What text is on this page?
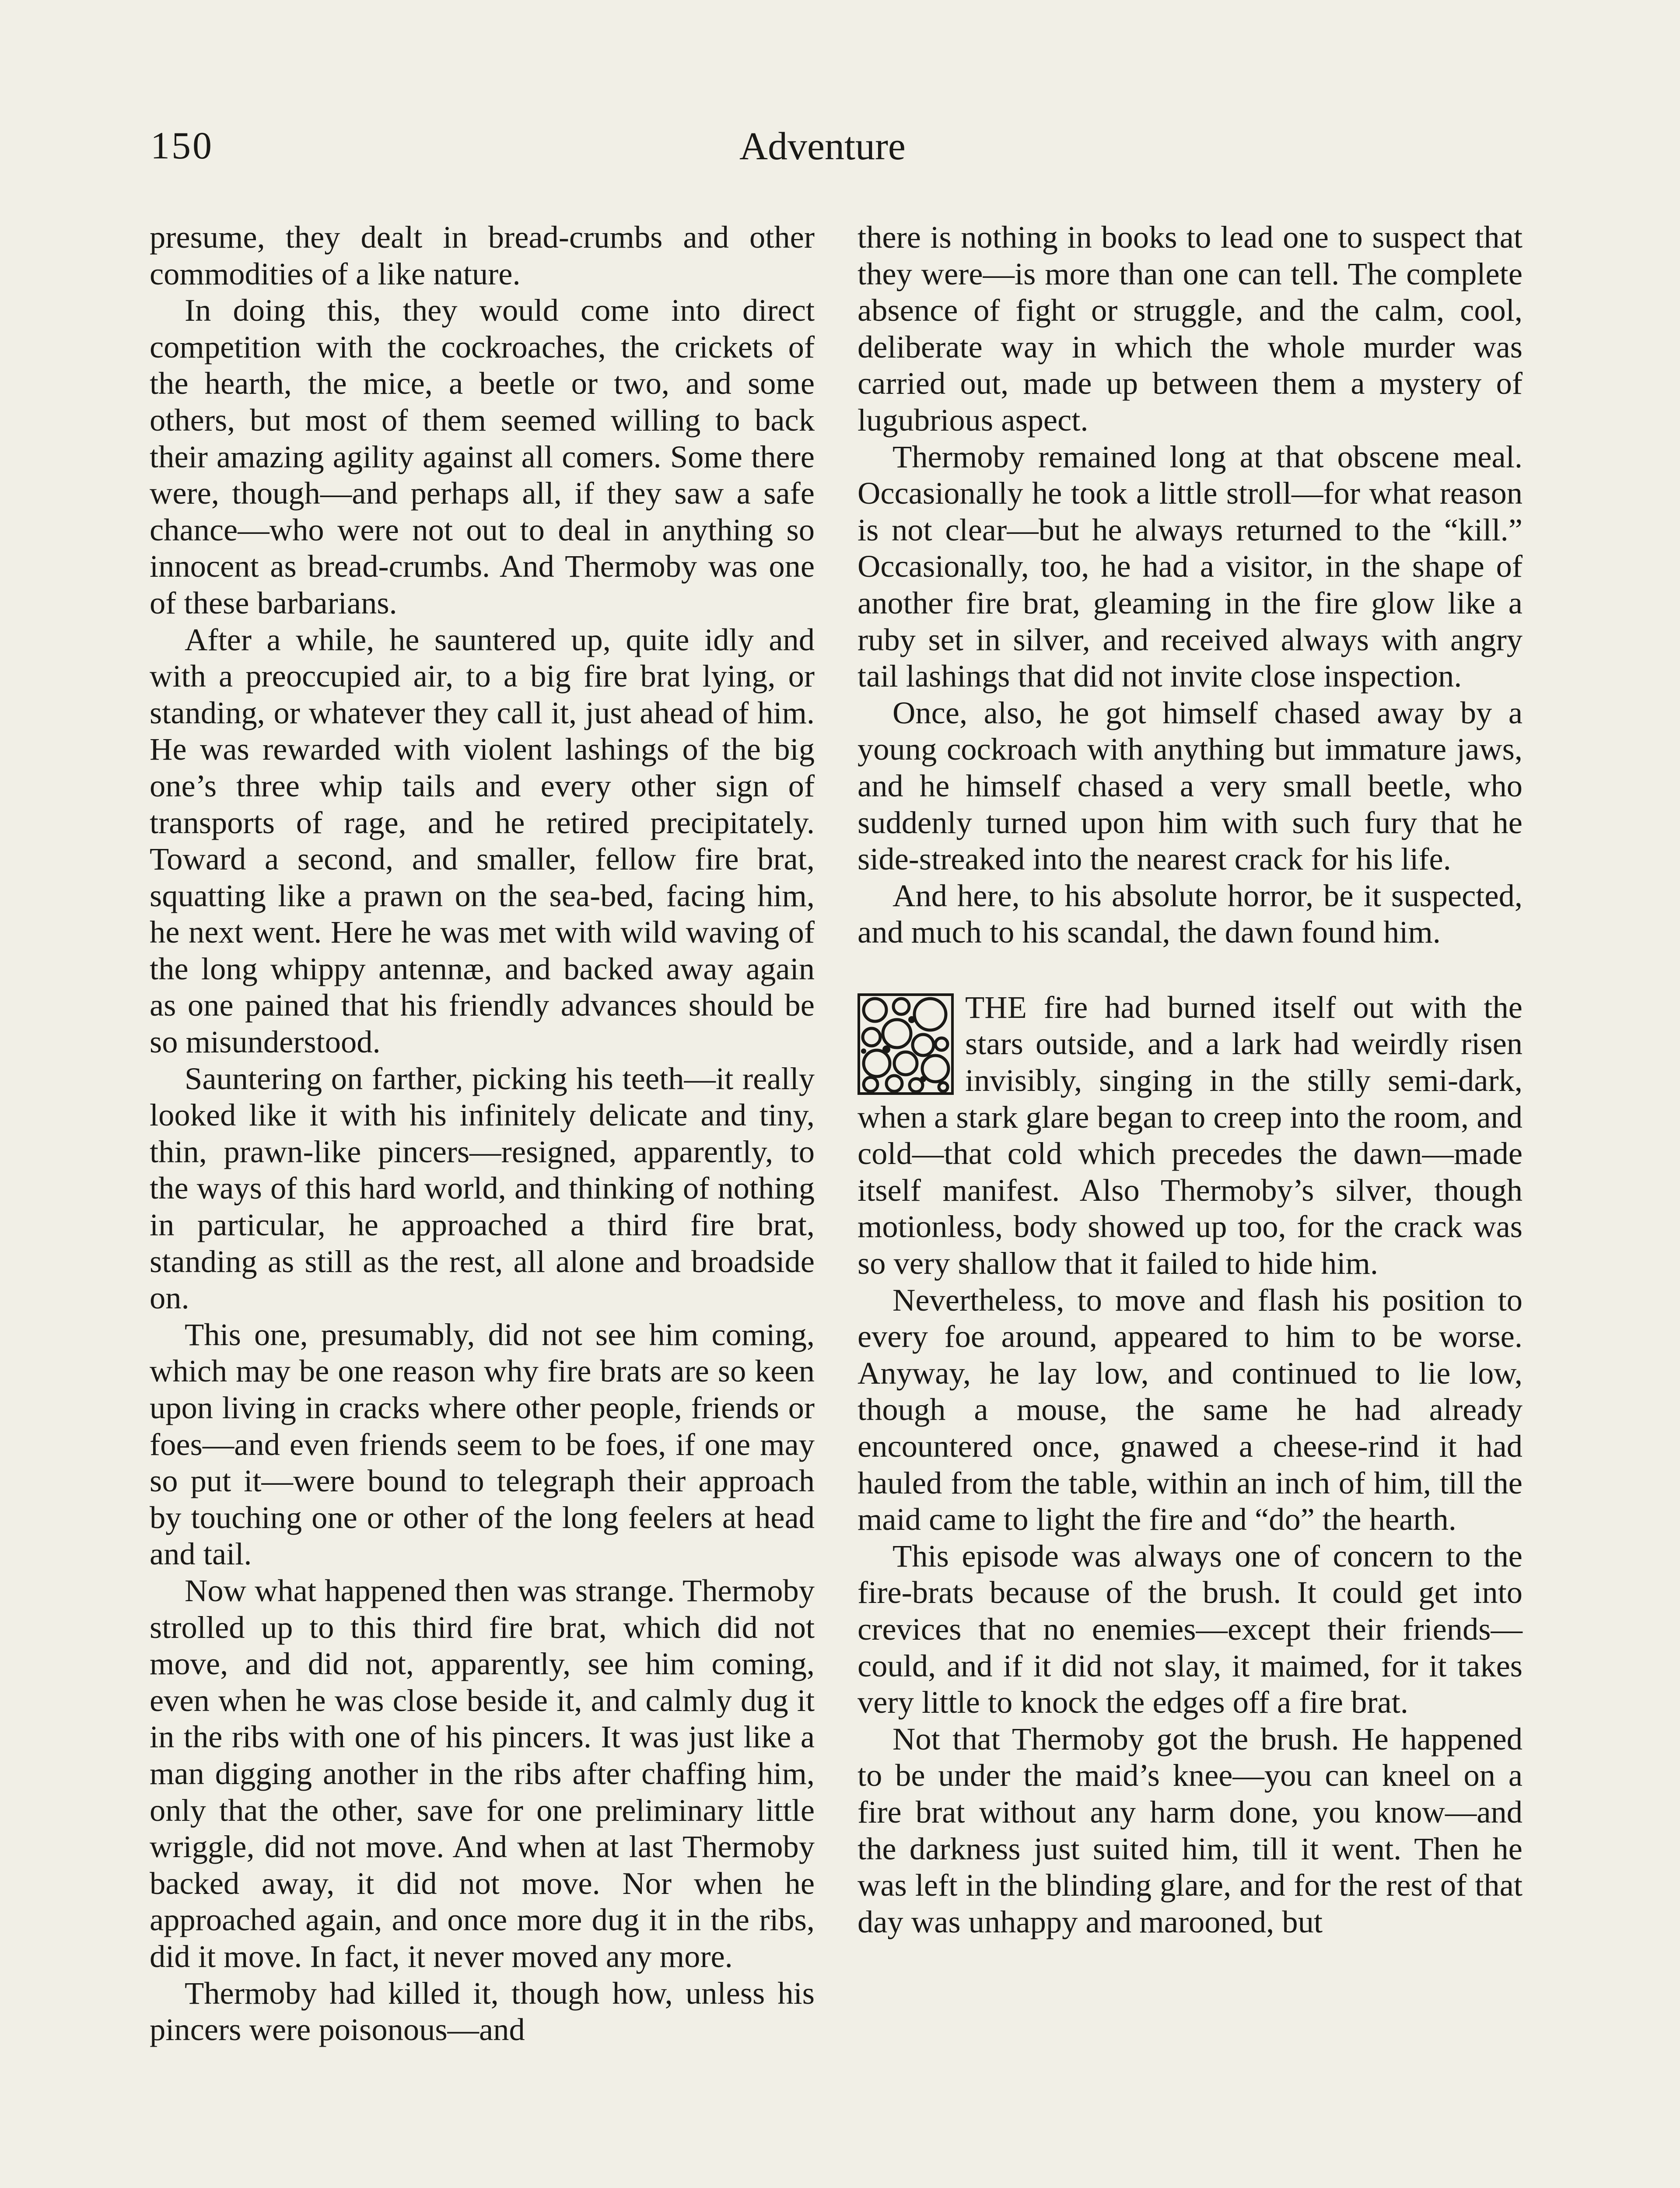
150	Adventure

presume, they dealt in bread-crumbs and other commodities of a like nature.

In doing this, they would come into direct competition with the cockroaches, the crickets of the hearth, the mice, a beetle or two, and some others, but most of them seemed willing to back their amazing agility against all comers. Some there were, though—and perhaps all, if they saw a safe chance—who were not out to deal in anything so innocent as bread-crumbs. And Thermoby was one of these barbarians.

After a while, he sauntered up, quite idly and with a preoccupied air, to a big fire brat lying, or standing, or whatever they call it, just ahead of him. He was rewarded with violent lashings of the big one’s three whip tails and every other sign of transports of rage, and he retired precipitately. Toward a second, and smaller, fellow fire brat, squatting like a prawn on the sea-bed, facing him, he next went. Here he was met with wild waving of the long whippy antennæ, and backed away again as one pained that his friendly advances should be so misunderstood.

Sauntering on farther, picking his teeth—it really looked like it with his infinitely delicate and tiny, thin, prawn-like pincers—resigned, apparently, to the ways of this hard world, and thinking of nothing in particular, he approached a third fire brat, standing as still as the rest, all alone and broadside on.

This one, presumably, did not see him coming, which may be one reason why fire brats are so keen upon living in cracks where other people, friends or foes—and even friends seem to be foes, if one may so put it—were bound to telegraph their approach by touching one or other of the long feelers at head and tail.

Now what happened then was strange. Thermoby strolled up to this third fire brat, which did not move, and did not, apparently, see him coming, even when he was close beside it, and calmly dug it in the ribs with one of his pincers. It was just like a man digging another in the ribs after chaffing him, only that the other, save for one preliminary little wriggle, did not move. And when at last Thermoby backed away, it did not move. Nor when he approached again, and once more dug it in the ribs, did it move. In fact, it never moved any more.

Thermoby had killed it, though how, unless his pincers were poisonous—and

there is nothing in books to lead one to suspect that they were—is more than one can tell. The complete absence of fight or struggle, and the calm, cool, deliberate way in which the whole murder was carried out, made up between them a mystery of lugubrious aspect.

Thermoby remained long at that obscene meal. Occasionally he took a little stroll—for what reason is not clear—but he always returned to the “kill.” Occasionally, too, he had a visitor, in the shape of another fire brat, gleaming in the fire glow like a ruby set in silver, and received always with angry tail lashings that did not invite close inspection.

Once, also, he got himself chased away by a young cockroach with anything but immature jaws, and he himself chased a very small beetle, who suddenly turned upon him with such fury that he side-streaked into the nearest crack for his life.

And here, to his absolute horror, be it suspected, and much to his scandal, the dawn found him.

THE fire had burned itself out with the stars outside, and a lark had weirdly risen invisibly, singing in the stilly semi-dark, when a stark glare began to creep into the room, and cold—that cold which precedes the dawn—made itself manifest. Also Thermoby’s silver, though motionless, body showed up too, for the crack was so very shallow that it failed to hide him.

Nevertheless, to move and flash his position to every foe around, appeared to him to be worse. Anyway, he lay low, and continued to lie low, though a mouse, the same he had already encountered once, gnawed a cheese-rind it had hauled from the table, within an inch of him, till the maid came to light the fire and “do” the hearth.

This episode was always one of concern to the fire-brats because of the brush. It could get into crevices that no enemies—except their friends—could, and if it did not slay, it maimed, for it takes very little to knock the edges off a fire brat.

Not that Thermoby got the brush. He happened to be under the maid’s knee—you can kneel on a fire brat without any harm done, you know—and the darkness just suited him, till it went. Then he was left in the blinding glare, and for the rest of that day was unhappy and marooned, but
